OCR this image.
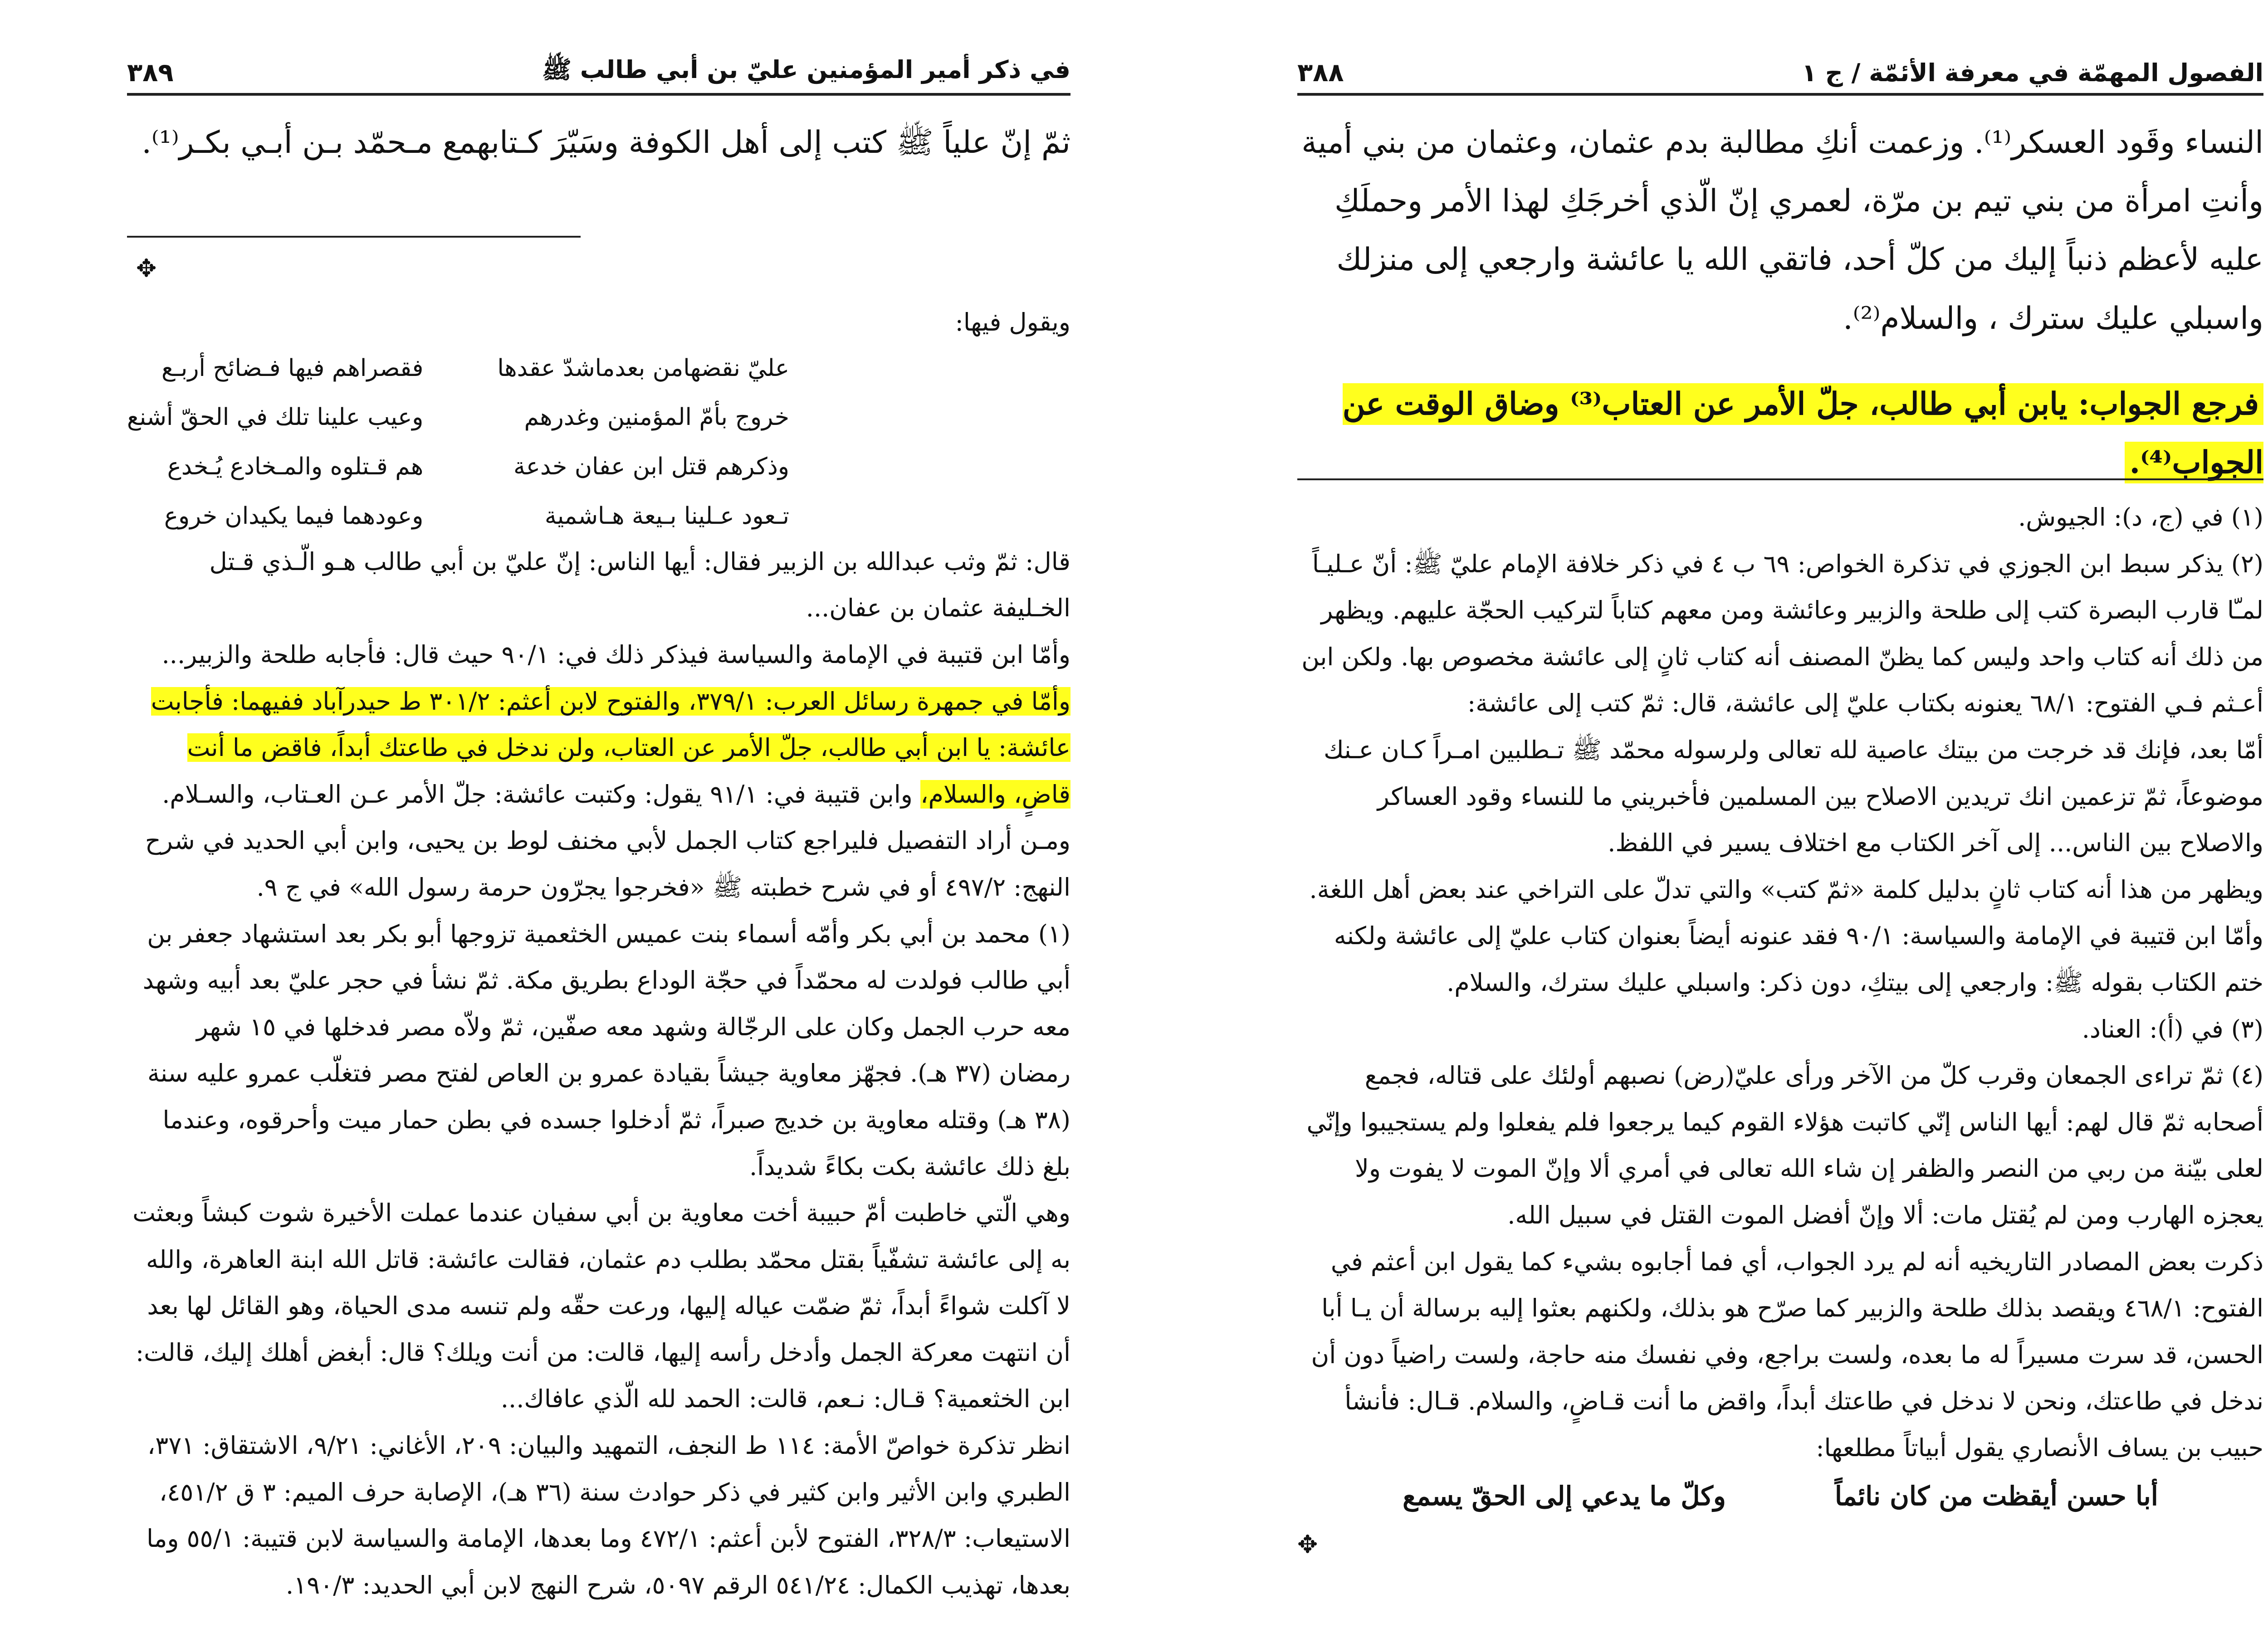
في ذكر أمير المؤمنين عليّ بن أبي طالب ﷺ
٣٨٩

ثمّ إنّ علياً ﷺ كتب إلى أهل الكوفة وسَيّرَ كـتابهمع مـحمّد بـن أبـي بكـر⁽¹⁾.

✥

ويقول فيها:

عليّ نقضهامن بعدماشدّ عقدها
فقصراهم فيها فـضائح أربـع
خروج بأمّ المؤمنين وغدرهم
وعيب علينا تلك في الحقّ أشنع
وذكرهم قتل ابن عفان خدعة
هم قـتلوه والمـخادع يُـخدع
تـعود عـلينا بـيعة هـاشمية
وعودهما فيما يكيدان خروع

قال: ثمّ وثب عبدالله بن الزبير فقال: أيها الناس: إنّ عليّ بن أبي طالب هـو الّـذي قـتل الخـليفة عثمان بن عفان...

وأمّا ابن قتيبة في الإمامة والسياسة فيذكر ذلك في: ٩٠/١ حيث قال: فأجابه طلحة والزبير...

وأمّا في جمهرة رسائل العرب: ٣٧٩/١، والفتوح لابن أعثم: ٣٠١/٢ ط حيدرآباد ففيهما: فأجابت عائشة: يا ابن أبي طالب، جلّ الأمر عن العتاب، ولن ندخل في طاعتك أبداً، فاقض ما أنت قاضٍ، والسلام، وابن قتيبة في: ٩١/١ يقول: وكتبت عائشة: جلّ الأمر عـن العـتاب، والسـلام. ومـن أراد التفصيل فليراجع كتاب الجمل لأبي مخنف لوط بن يحيى، وابن أبي الحديد في شرح النهج: ٤٩٧/٢ أو في شرح خطبته ﷺ «فخرجوا يجرّون حرمة رسول الله» في ج ٩.

(١) محمد بن أبي بكر وأمّه أسماء بنت عميس الخثعمية تزوجها أبو بكر بعد استشهاد جعفر بن أبي طالب فولدت له محمّداً في حجّة الوداع بطريق مكة. ثمّ نشأ في حجر عليّ بعد أبيه وشهد معه حرب الجمل وكان على الرجّالة وشهد معه صفّين، ثمّ ولاّه مصر فدخلها في ١٥ شهر رمضان (٣٧ هـ). فجهّز معاوية جيشاً بقيادة عمرو بن العاص لفتح مصر فتغلّب عمرو عليه سنة (٣٨ هـ) وقتله معاوية بن خديج صبراً، ثمّ أدخلوا جسده في بطن حمار ميت وأحرقوه، وعندما بلغ ذلك عائشة بكت بكاءً شديداً.

وهي الّتي خاطبت أمّ حبيبة أخت معاوية بن أبي سفيان عندما عملت الأخيرة شوت كبشاً وبعثت به إلى عائشة تشفّياً بقتل محمّد بطلب دم عثمان، فقالت عائشة: قاتل الله ابنة العاهرة، والله لا آكلت شواءً أبداً، ثمّ ضمّت عياله إليها، ورعت حقّه ولم تنسه مدى الحياة، وهو القائل لها بعد أن انتهت معركة الجمل وأدخل رأسه إليها، قالت: من أنت ويلك؟ قال: أبغض أهلك إليك، قالت: ابن الخثعمية؟ قـال: نـعم، قالت: الحمد لله الّذي عافاك...

انظر تذكرة خواصّ الأمة: ١١٤ ط النجف، التمهيد والبيان: ٢٠٩، الأغاني: ٩/٢١، الاشتقاق: ٣٧١، الطبري وابن الأثير وابن كثير في ذكر حوادث سنة (٣٦ هـ)، الإصابة حرف الميم: ٣ ق ٤٥١/٢، الاستيعاب: ٣٢٨/٣، الفتوح لأبن أعثم: ٤٧٢/١ وما بعدها، الإمامة والسياسة لابن قتيبة: ٥٥/١ وما بعدها، تهذيب الكمال: ٥٤١/٢٤ الرقم ٥٠٩٧، شرح النهج لابن أبي الحديد: ١٩٠/٣.

الفصول المهمّة في معرفة الأئمّة / ج ١
٣٨٨

النساء وقَود العسكر⁽¹⁾. وزعمت أنكِ مطالبة بدم عثمان، وعثمان من بني أمية وأنتِ امرأة من بني تيم بن مرّة، لعمري إنّ الّذي أخرجَكِ لهذا الأمر وحملَكِ عليه لأعظم ذنباً إليك من كلّ أحد، فاتقي الله يا عائشة وارجعي إلى منزلك واسبلي عليك سترك ، والسلام⁽²⁾.

فرجع الجواب: يابن أبي طالب، جلّ الأمر عن العتاب⁽³⁾ وضاق الوقت عن الجواب⁽⁴⁾.

(١) في (ج، د): الجيوش.

(٢) يذكر سبط ابن الجوزي في تذكرة الخواص: ٦٩ ب ٤ في ذكر خلافة الإمام عليّ ﷺ: أنّ عـليـاً لمـّا قارب البصرة كتب إلى طلحة والزبير وعائشة ومن معهم كتاباً لتركيب الحجّة عليهم. ويظهر من ذلك أنه كتاب واحد وليس كما يظنّ المصنف أنه كتاب ثانٍ إلى عائشة مخصوص بها. ولكن ابن أعـثم فـي الفتوح: ٦٨/١ يعنونه بكتاب عليّ إلى عائشة، قال: ثمّ كتب إلى عائشة:

أمّا بعد، فإنك قد خرجت من بيتك عاصية لله تعالى ولرسوله محمّد ﷺ تـطلبين امـراً كـان عـنك موضوعاً، ثمّ تزعمين انك تريدين الاصلاح بين المسلمين فأخبريني ما للنساء وقود العساكر والاصلاح بين الناس... إلى آخر الكتاب مع اختلاف يسير في اللفظ.

ويظهر من هذا أنه كتاب ثانٍ بدليل كلمة «ثمّ كتب» والتي تدلّ على التراخي عند بعض أهل اللغة. وأمّا ابن قتيبة في الإمامة والسياسة: ٩٠/١ فقد عنونه أيضاً بعنوان كتاب عليّ إلى عائشة ولكنه ختم الكتاب بقوله ﷺ: وارجعي إلى بيتكِ، دون ذكر: واسبلي عليك سترك، والسلام.

(٣) في (أ): العناد.

(٤) ثمّ تراءى الجمعان وقرب كلّ من الآخر ورأى عليّ(رض) نصبهم أولئك على قتاله، فجمع أصحابه ثمّ قال لهم: أيها الناس إنّي كاتبت هؤلاء القوم كيما يرجعوا فلم يفعلوا ولم يستجيبوا وإنّي لعلى بيّنة من ربي من النصر والظفر إن شاء الله تعالى في أمري ألا وإنّ الموت لا يفوت ولا يعجزه الهارب ومن لم يُقتل مات: ألا وإنّ أفضل الموت القتل في سبيل الله.

ذكرت بعض المصادر التاريخيه أنه لم يرد الجواب، أي فما أجابوه بشيء كما يقول ابن أعثم في الفتوح: ٤٦٨/١ ويقصد بذلك طلحة والزبير كما صرّح هو بذلك، ولكنهم بعثوا إليه برسالة أن يـا أبا الحسن، قد سرت مسيراً له ما بعده، ولست براجع، وفي نفسك منه حاجة، ولست راضياً دون أن ندخل في طاعتك، ونحن لا ندخل في طاعتك أبداً، واقض ما أنت قـاضٍ، والسلام. قـال: فأنشأ حبيب بن يساف الأنصاري يقول أبياتاً مطلعها:

أبا حسن أيقظت من كان نائماً
وكلّ ما يدعي إلى الحقّ يسمع
✥
